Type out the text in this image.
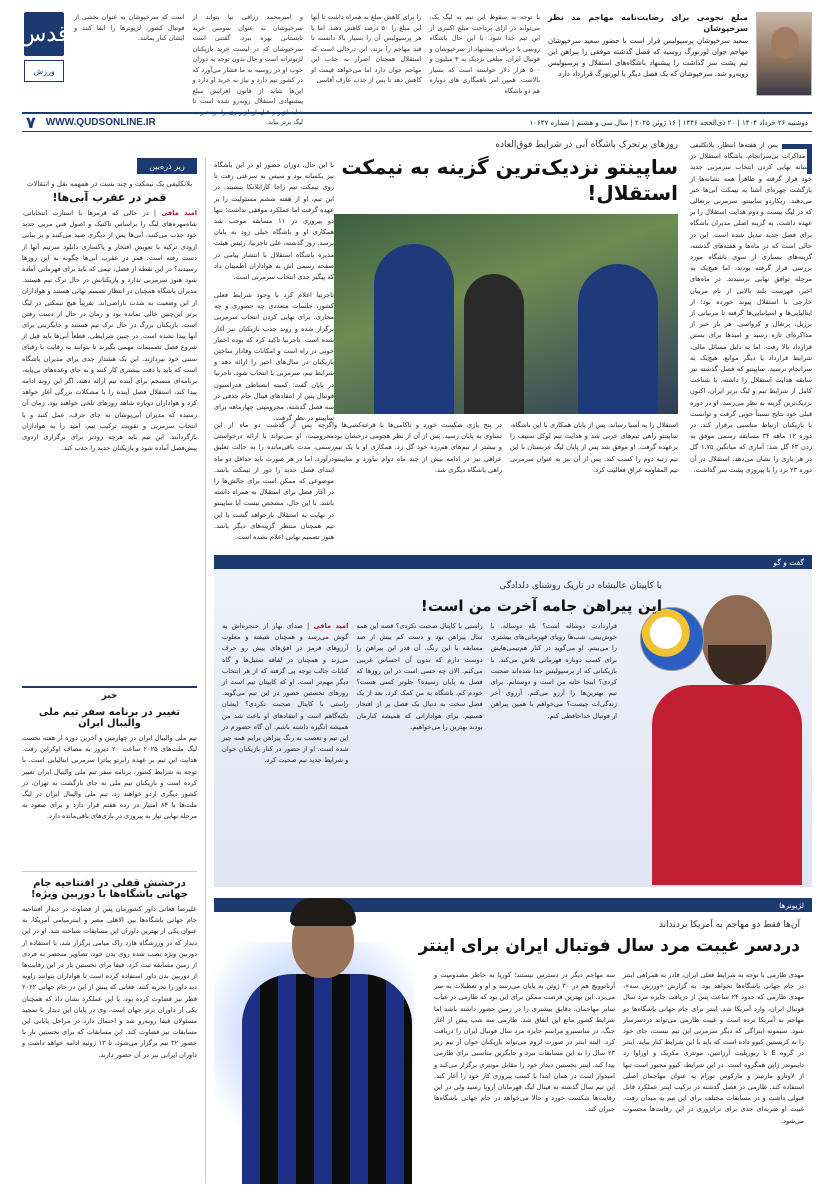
مبلغ نجومی برای رضایت‌نامه مهاجم مد نظر سرخپوشان
سعید سرخپوشان پرسپولیس قرار است با حضور سعید سرخپوشان مهاجم جوان لورنورگ روسیه که فصل گذشته موفقی را پیراهن این تیم پشت سر گذاشت را پیشنهاد باشگاه‌های استقلال و پرسپولیس روبه‌رو شد. سرخپوشان که یک فصل دیگر با لورنورگ قرارداد دارد
با توجه به سقوط این تیم به لیگ یک، می‌تواند در ازای پرداخت مبلغ اکتبری از این تیم جدا شود. با این حال باشگاه روسی با دریافت پیشنهاد از سرخپوشان و فوتبال ایران، مبلغی نزدیک به ۳ میلیون و ۵۰۰ هزار دلار خواسته است که بسیار بالاست. همین امر ناهمگاری های دوباره هم دو باشگاه
را برای کاهش مبلغ به همراه داشت تا آنها این مبلغ را ۵۰ درصد کاهش دهند. اما با هر پرسپولیس آن را بسیار بالا دانسته تا قید مهاجم را بزند. این درحالی است که استقلال همچنان اصرار به جذب این مهاجم جوان دارد اما می‌خواهد قیمت او کاهش دهد تا پس از جذب عارف آقاسی
و امیرمحمد رزاقی نیا بتواند از سرخپوشان به عنوان سومین خرید تابستانی بهره ببرد. گفتنی است سرخپوشان که در لیست خرید بازیکنان لژیونرانه است و حال بدون توجه به دوران خوب او در روسیه به ما فشار می‌آورد که در کشور تیم دارد و نیاز به خرید او دارد و این‌ها شاید از قانون افزایش مبلغ پیشنهادی استقلال روبه‌رو شده است تا شاید لژیونر قبل از لژیونری را بزنند و به لیگ برتر بیاید.
است که سرخپوشان به عنوان بخشی از فوتبال کشور، لژیونرها را ابقا کنند و ایشان کنار بمانند.
قدس
ورزش
دوشنبه ۲۶ خرداد ۱۴۰۴ | ۲۰ ذی‌الحجه ۱۴۴۶ | ۱۶ ژوئن ۲۰۲۵ | سال سی و هشتم | شماره ۱۰۶۳۷
WWW.QUDSONLINE.IR
۷
پس از هفته‌ها انتظار، بلاتکلیفی و مذاکرات بی‌سرانجام، باشگاه استقلال در آستانه نهایی کردن انتخاب سرمربی جدید خود قرار گرفته و ظاهراً همه نشانه‌ها از بازگشت چهره‌ای آشنا به نیمکت آبی‌ها خبر می‌دهند. ریکاردو ساپینتو، سرمربی پرتغالی که در لیگ بیست و دوم هدایت استقلال را بر عهده داشت، به گزینه اصلی مدیران باشگاه برای فصل جدید تبدیل شده است. این در حالی است که در ماه‌ها و هفته‌های گذشته، گزینه‌های بسیاری از سوی باشگاه مورد بررسی قرار گرفته بودند، اما هیچ‌یک به مرحله توافق نهایی نرسیدند. در ماه‌های اخیر، فهرست بلند بالایی از نام مربیان خارجی با استقلال پیوند خورده بود؛ از ایتالیایی‌ها و اسپانیایی‌ها گرفته تا مربیانی از برزیل، پرتغال و کرواسی. هر بار خبر از مذاکره‌ای تازه رسید و امیدها برای بستن قرارداد بالا رفت، اما به دلیل مسائل مالی، شرایط قرارداد یا دیگر موانع، هیچ‌یک به سرانجام نرسید. ساپینتو که فصل گذشته نیز سابقه هدایت استقلال را داشته، با شناخت کامل از شرایط تیم و لیگ برتر ایران، اکنون نزدیک‌ترین گزینه به نظر می‌رسد. او در دوره قبلی خود نتایج نسبتاً خوبی گرفت و توانست با بازیکنان ارتباط مناسبی برقرار کند. در دوره ۱۲ ماهه ۳۴ مسابقه رسمی موفق به زدن ۶۳ گل شد؛ آماری که میانگین ۱.۷۵ گل در هر بازی را نشان می‌دهد. استقلال در آن دوره ۲۳ برد را با پیروزی پشت سر گذاشت.
روزهای پرتحرک باشگاه آبی در شرایط فوق‌العاده
ساپینتو نزدیک‌ترین گزینه به نیمکت استقلال!
استقلال را به آسیا رساند. پس از پایان همکاری با این باشگاه، ساپینتو راهی تیم‌های عربی شد و هدایت تیم لوکل ستیف را برعهده گرفت. او موفق شد پس از پایان لیگ عربستان با این تیم رتبه دوم را کسب کند. پس از آن نیز به عنوان سرمربی تیم المقاومه عراق فعالیت کرد.
در پنج بازی شکست خورد و ناکامی‌ها با قرعه‌کشی‌ها و تساوی به پایان رسید. پس از آن از نظر هجومی درخشان بود و بیشتر از تیم‌های هم‌رده خود گل زد. همکاری او با یک تیم عراقی نیز در ادامه بیش از چند ماه دوام نیاورد و ساپینتو راهی باشگاه دیگری شد.
با این حال، دوران حضور او در این باشگاه نیز یکسانه بود و سپس به سرعتی رفت تا روی نیمکت تیم راجا کازابلانکا بنشیند. در این تیم، او از هفته ششم مسئولیت را بر عهده گرفت اما عملکرد موفقی نداشت؛ تنها دو پیروزی در ۱۱ مسابقه موجب شد همکاری او و باشگاه خیلی زود به پایان برسد. روز گذشته، علی تاجرنیا، رئیس هیئت مدیره باشگاه استقلال با انتشار پیامی در صفحه رسمی اش به هواداران اطمینان داد که پیگیر جدی انتخاب سرمربی است.
تاجرنیا اعلام کرد با وجود شرایط فعلی کشور، جلسات متعددی چه حضوری و چه مجازی، برای نهایی کردن انتخاب سرمربی برگزار شده و روند جذب بازیکنان نیز آغاز شده است. تاجرنیا تاکید کرد که بوده اختیار خوبی در راه است و امکانات وفادار ساختن بازیکنان در سال‌های اخیر را ارائه دهد و شرایط تیم، سرمربی با انتخاب شود. تاجرنیا در پایان گفت: کمیته انضباطی فدراسیون فوتبال پس از انتقادهای فینال جام حذفی در سه فصل گذشته، محرومیتی چهارماهه برای ساپینتو در نظر گرفت.
اگرچه پس از گذشت دو ماه از این محرومیت، او می‌تواند با ارائه درخواستی رسمی، مدت باقی‌مانده را به حالت تعلیق درآورد. اما در هر صورت باید حداقل دو ماه ابتدای فصل جدید را دور از نیمکت باشد. موضوعی که ممکن است برای چالش‌ها را در آغاز فصل برای استقلال به همراه داشته باشد. با این حال، مشخص نیست آیا ساپینتو در نهایت به استقلال بازخواهد گشت یا این تیم همچنان منتظر گزینه‌های دیگر باشد. هنوز تصمیم نهایی اعلام نشده است.
زیر ذره‌بین
بلاتکلیفی یک نیمکت و چند بست در همهمه نقل و انتقالات
قمر در عقرب آبی‌ها!
امید مافی | در حالی که قرمزها با استارت انتخاباتی، شاه‌مهره‌های لیگ را براساس تاکتیک و اصول فنی مربی جدید خود جذب می‌کنند، آبی‌ها پس از دیگری صید می‌کنند و بر بیانی ارودی ترکیه با تعویض افتخار و پاکسازی دانلود سرتیم آنها از دست رفته است. قمر در عقرب آبی‌ها چگونه به این روزها رسیدند؟ در این نقطه از فصل، تیمی که باید برای قهرمانی آماده شود هنوز سرمربی ندارد و بازیکنانش در حال ترک تیم هستند. مدیران باشگاه همچنان در انتظار تصمیم نهایی هستند و هواداران از این وضعیت به شدت ناراضی‌اند. تقریباً هیچ نیمکتی در لیگ برتر این‌چنین خالی نمانده بود و زمان در حال از دست رفتن است. بازیکنان بزرگ در حال ترک تیم هستند و جایگزینی برای آنها پیدا نشده است. در چنین شرایطی، قطعاً آبی‌ها باید قبل از شروع فصل تصمیمات مهمی بگیرند تا بتوانند به رقابت با رقبای سنتی خود بپردازند. این یک هشدار جدی برای مدیران باشگاه است که باید با دقت بیشتری کار کنند و به جای وعده‌های بی‌پایه، برنامه‌ای منسجم برای آینده تیم ارائه دهند. اگر این روند ادامه پیدا کند، استقلال فصل آینده را با مشکلات بزرگی آغاز خواهد کرد و هواداران دوباره شاهد روزهای تلخی خواهند بود. زمان آن رسیده که مدیران آبی‌پوشان به جای حرف، عمل کنند و با انتخاب سرمربی و تقویت ترکیب تیم، امید را به هواداران بازگردانند. این تیم باید هرچه زودتر برای برگزاری اردوی پیش‌فصل آماده شود و بازیکنان جدید را جذب کند.
خبر
تغییر در برنامه سفر تیم ملی والیبال ایران
تیم ملی والیبال ایران در چهارمین و آخرین دوره از هفته نخست لیگ ملت‌های ۲۰۲۵ ساعت ۲۰ دیروز به مصاف اوکراین رفت. هدایت این تیم بر عهده رابرتو پیاتزا سرمربی ایتالیایی است. با توجه به شرایط کشور، برنامه سفر تیم ملی والیبال ایران تغییر کرده است و بازیکنان تیم ملی به جای بازگشت به تهران، در کشور دیگری اردو خواهند زد. تیم ملی والیبال ایران در لیگ ملت‌ها با ۸۴ امتیاز در رده هفتم قرار دارد و برای صعود به مرحله نهایی نیاز به پیروزی در بازی‌های باقی‌مانده دارد.
درخشش قفلی در افتتاحیه جام جهانی باشگاه‌ها با دوربین ویژه!
علیرضا فغانی داور کشورمان پس از قضاوت در دیدار افتتاحیه جام جهانی باشگاه‌ها بین الاهلی مصر و اینترمیامی آمریکا، به عنوان یکی از بهترین داوران این مسابقات شناخته شد. او در این دیدار که در ورزشگاه هارد راک میامی برگزار شد، با استفاده از دوربین ویژه نصب شده روی بدن خود، تصاویر منحصر به فردی از زمین مسابقه ثبت کرد. فیفا برای نخستین بار در این رقابت‌ها از دوربین بدن داور استفاده کرده است تا هواداران بتوانند زاویه دید داور را تجربه کنند. فغانی که پیش از این در جام جهانی ۲۰۲۲ قطر نیز قضاوت کرده بود، با این عملکرد نشان داد که همچنان یکی از داوران برتر جهان است. وی در پایان این دیدار با تمجید مسئولان فیفا روبه‌رو شد و احتمال دارد در مراحل پایانی این مسابقات نیز قضاوت کند. این مسابقات که برای نخستین بار با حضور ۳۲ تیم برگزار می‌شود، تا ۱۳ ژوئیه ادامه خواهد داشت و داوران ایرانی نیز در آن حضور دارند.
گفت و گو
با کاپیتان عالیشاه در تاریک روشنای دلدادگی
این پیراهن جامه آخرت من است!
قراردادت دوساله است؟ بله دوساله. با خوش‌بینی، شب‌ها رویای قهرمانی‌های بیشتری را می‌بینم. او می‌گوید در کنار هم‌تیمی‌هایش برای کسب دوباره قهرمانی تلاش می‌کند. با بازیکنانی که از پرسپولیس جدا شده‌اند صحبت کردی؟ اینجا خانه من است و دوستانم. برای تیم بهترین‌ها را آرزو می‌کنم. آرزوی آخر زندگی‌ات چیست؟ می‌خواهم با همین پیراهن از فوتبال خداحافظی کنم.
راستی با کاپتال صحبت نکردی؟ قصه این همه سال پیراهن بود و دست کم بیش از صد مسابقه با این رنگ. آن قدر این پیراهن را دوست دارم که بدون آن احساس غریبی می‌کنم. الان چه حسی است در این روزها که فصل به پایان رسیده؟ جلوتر کسی هست؟ خودم کم، باشگاه به من کمک کرد. بعد از یک فصل سخت به دنبال یک فصل پر از افتخار هستیم. برای هوادارانی که همیشه کنارمان بودند بهترین را می‌خواهیم.
امید مافی | صدای بهار از حنجره‌اش به گوش می‌رسد و همچنان شیفته و مغلوب آرزوهای قرمز در افق‌های پیش رو حرف می‌زند و همچنان در لفافه تمثیل‌ها و گاه کنایات جالب توجه پی گرفته که از هر انتخاب دیگر مهم‌تر است. او که کاپیتان تیم است از روزهای نخستین حضور در این تیم می‌گوید. راستی با کاپتال صحبت نکردی؟ ایشان تکیه‌گاهم است و انتقادهای او باعث شد من همیشه انگیزه داشته باشم. آن گاه حضورم در این تیم و تعصب به رنگ پیراهن برایم همه چیز شده است. او از حضور در کنار بازیکنان جوان و شرایط جدید تیم صحبت کرد.
لژیونرها
آن‌ها فقط دو مهاجم به آمریکا بردند‌اند
دردسر غیبت مرد سال فوتبال ایران برای اینتر
مهدی طارمی با توجه به شرایط فعلی ایران، قادر به همراهی اینتر در جام جهانی باشگاه‌ها نخواهد بود. به گزارش «ورزش سه»، مهدی طارمی که حدود ۲۴ ساعت پس از دریافت جایزه مرد سال فوتبال ایران، وارد آمریکا شد. اینتر برای جام جهانی باشگاه‌ها دو مهاجم به آمریکا برده است و غیبت طارمی می‌تواند دردسرساز شود. سیمونه اینزاگی که دیگر سرمربی این تیم نیست، جای خود را به کریستین کیوو داده است که باید با این شرایط کنار بیاید. اینتر در گروه E با ریورپلیت آرژانتین، مونتری مکزیک و اوراوا رد دایموندز ژاپن همگروه است. در این شرایط، کیوو مجبور است تنها از لاوتارو مارتینز و مارکوس تورام به عنوان مهاجمان اصلی استفاده کند. طارمی در فصل گذشته در ترکیب اینتر عملکرد قابل قبولی داشت و در مسابقات مختلف برای این تیم به میدان رفت. غیبت او ضربه‌ای جدی برای نراتزوری در این رقابت‌ها محسوب می‌شود.
سه مهاجم دیگر در دسترس نیستند؛ کوریا به خاطر مصدومیت و آرناتوویچ هم در ۳۰ ژوئن به پایان می‌رسد و او و تعطیلات به سر می‌برد. این بهترین فرصت ممکن برای این بود که طارمی در غیاب سایر مهاجمان، دقایق بیشتری را در زمین حضور داشته باشد اما شرایط کشور مانع این اتفاق شد. طارمی سه شب پیش از آغاز جنگ، در سانسیرو مراسم جایزه مرد سال فوتبال ایران را دریافت کرد. البته اینتر در صورت لزوم می‌تواند بازیکنان جوان از تیم زیر ۲۳ سال را به این مسابقات ببرد و جایگزین مناسبی برای طارمی پیدا کند. اینتر نخستین دیدار خود را مقابل مونتری برگزار می‌کند و امیدوار است در همان ابتدا با کسب پیروزی کار خود را آغاز کند. این تیم سال گذشته به فینال لیگ قهرمانان اروپا رسید ولی در این رقابت‌ها شکست خورد و حالا می‌خواهد در جام جهانی باشگاه‌ها جبران کند.
